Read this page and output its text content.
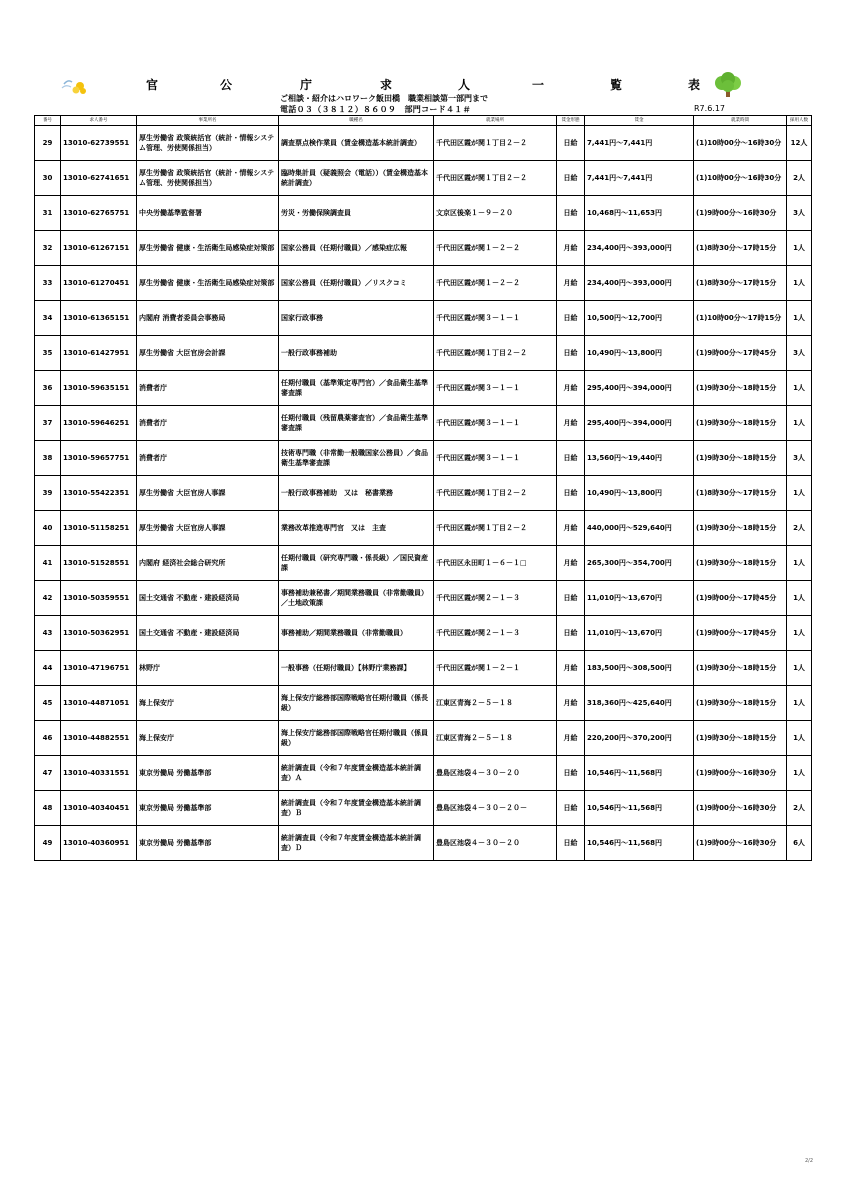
官	公	庁	求	人	一	覧	表
ご相談・紹介はハロワーク飯田橋　職業相談第一部門まで
電話０３（３８１２）８６０９　部門コード４１＃	R7.6.17
番号	求人番号	事業所名	職種名	就業場所	賃金形態	賃金	就業時間	採用人数
29	13010-62739551	厚生労働省 政策統括官（統計・情報システム管理、労使関係担当）	調査票点検作業員（賃金構造基本統計調査）	千代田区霞が関１丁目２－２	日給	7,441円～7,441円	(1)10時00分～16時30分	12人
30	13010-62741651	厚生労働省 政策統括官（統計・情報システム管理、労使関係担当）	臨時集計員（疑義照会（電話））（賃金構造基本統計調査）	千代田区霞が関１丁目２－２	日給	7,441円～7,441円	(1)10時00分～16時30分	2人
31	13010-62765751	中央労働基準監督署	労災・労働保険調査員	文京区後楽１－９－２０	日給	10,468円～11,653円	(1)9時00分～16時30分	3人
32	13010-61267151	厚生労働省 健康・生活衛生局感染症対策部	国家公務員（任期付職員）／感染症広報	千代田区霞が関１－２－２	月給	234,400円～393,000円	(1)8時30分～17時15分	1人
33	13010-61270451	厚生労働省 健康・生活衛生局感染症対策部	国家公務員（任期付職員）／リスクコミ	千代田区霞が関１－２－２	月給	234,400円～393,000円	(1)8時30分～17時15分	1人
34	13010-61365151	内閣府 消費者委員会事務局	国家行政事務	千代田区霞が関３－１－１	日給	10,500円～12,700円	(1)10時00分～17時15分	1人
35	13010-61427951	厚生労働省 大臣官房会計課	一般行政事務補助	千代田区霞が関１丁目２－２	日給	10,490円～13,800円	(1)9時00分～17時45分	3人
36	13010-59635151	消費者庁	任期付職員（基準策定専門官）／食品衛生基準審査課	千代田区霞が関３－１－１	月給	295,400円～394,000円	(1)9時30分～18時15分	1人
37	13010-59646251	消費者庁	任期付職員（残留農薬審査官）／食品衛生基準審査課	千代田区霞が関３－１－１	月給	295,400円～394,000円	(1)9時30分～18時15分	1人
38	13010-59657751	消費者庁	技術専門職（非常勤一般職国家公務員）／食品衛生基準審査課	千代田区霞が関３－１－１	日給	13,560円～19,440円	(1)9時30分～18時15分	3人
39	13010-55422351	厚生労働省 大臣官房人事課	一般行政事務補助　又は　秘書業務	千代田区霞が関１丁目２－２	日給	10,490円～13,800円	(1)8時30分～17時15分	1人
40	13010-51158251	厚生労働省 大臣官房人事課	業務改革推進専門官　又は　主査	千代田区霞が関１丁目２－２	月給	440,000円～529,640円	(1)9時30分～18時15分	2人
41	13010-51528551	内閣府 経済社会総合研究所	任期付職員（研究専門職・係長級）／国民資産課	千代田区永田町１－６－１□	月給	265,300円～354,700円	(1)9時30分～18時15分	1人
42	13010-50359551	国土交通省 不動産・建設経済局	事務補助兼秘書／期間業務職員（非常勤職員）／土地政策課	千代田区霞が関２－１－３	日給	11,010円～13,670円	(1)9時00分～17時45分	1人
43	13010-50362951	国土交通省 不動産・建設経済局	事務補助／期間業務職員（非常勤職員）	千代田区霞が関２－１－３	日給	11,010円～13,670円	(1)9時00分～17時45分	1人
44	13010-47196751	林野庁	一般事務（任期付職員）【林野庁業務課】	千代田区霞が関１－２－１	月給	183,500円～308,500円	(1)9時30分～18時15分	1人
45	13010-44871051	海上保安庁	海上保安庁総務部国際戦略官任期付職員（係長級）	江東区青海２－５－１８	月給	318,360円～425,640円	(1)9時30分～18時15分	1人
46	13010-44882551	海上保安庁	海上保安庁総務部国際戦略官任期付職員（係員級）	江東区青海２－５－１８	月給	220,200円～370,200円	(1)9時30分～18時15分	1人
47	13010-40331551	東京労働局 労働基準部	統計調査員（令和７年度賃金構造基本統計調査）Ａ	豊島区池袋４－３０－２０	日給	10,546円～11,568円	(1)9時00分～16時30分	1人
48	13010-40340451	東京労働局 労働基準部	統計調査員（令和７年度賃金構造基本統計調査）Ｂ	豊島区池袋４－３０－２０－	日給	10,546円～11,568円	(1)9時00分～16時30分	2人
49	13010-40360951	東京労働局 労働基準部	統計調査員（令和７年度賃金構造基本統計調査）Ｄ	豊島区池袋４－３０－２０	日給	10,546円～11,568円	(1)9時00分～16時30分	6人
2/2
